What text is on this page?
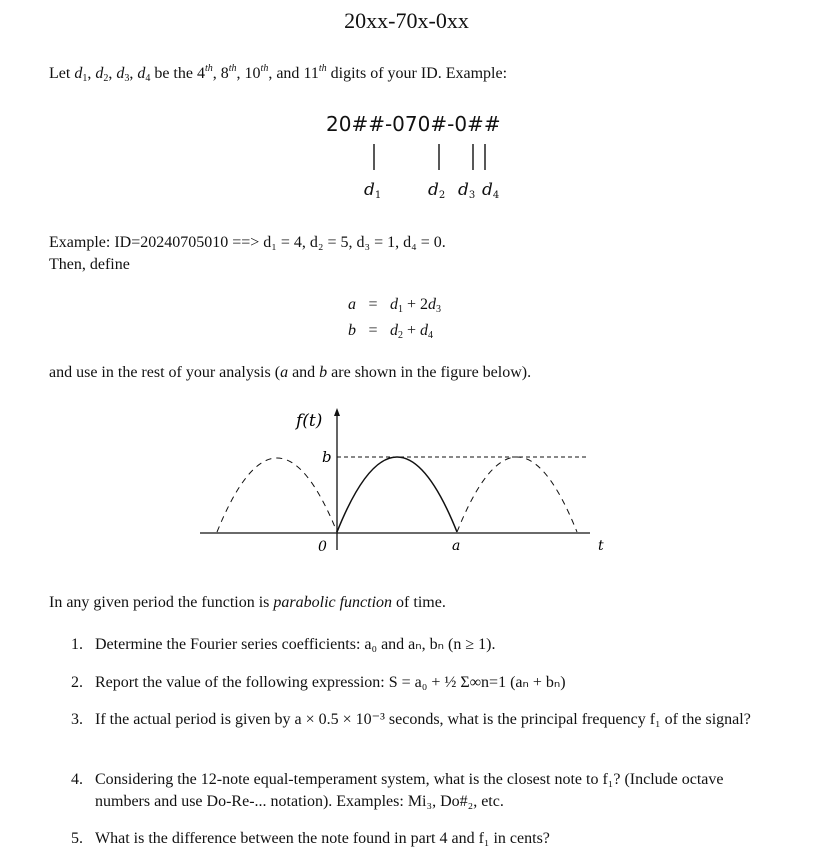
20xx-70x-0xx
Let $d_1$, $d_2$, $d_3$, $d_4$ be the 4th, 8th, 10th, and 11th digits of your ID. Example:
20##-070#-0##
$d_1$	$d_2$ $d_3$ $d_4$
Example: ID=20240705010 ==> d₁ = 4, d₂ = 5, d₃ = 1, d₄ = 0.
Then, define
$a = d_1 + 2d_3$
$b = d_2 + d_4$
and use in the rest of your analysis (a and b are shown in the figure below).
f(t)
b
0	a	t
In any given period the function is parabolic function of time.
1. Determine the Fourier series coefficients: a₀ and aₙ, bₙ (n ≥ 1).
2. Report the value of the following expression: S = a₀ + ½ Σ∞n=1 (aₙ + bₙ)
3. If the actual period is given by a × 0.5 × 10⁻³ seconds, what is the principal frequency f₁ of the signal?
4. Considering the 12-note equal-temperament system, what is the closest note to f₁? (Include octave numbers and use Do-Re-... notation). Examples: Mi₃, Do#₂, etc.
5. What is the difference between the note found in part 4 and f₁ in cents?
